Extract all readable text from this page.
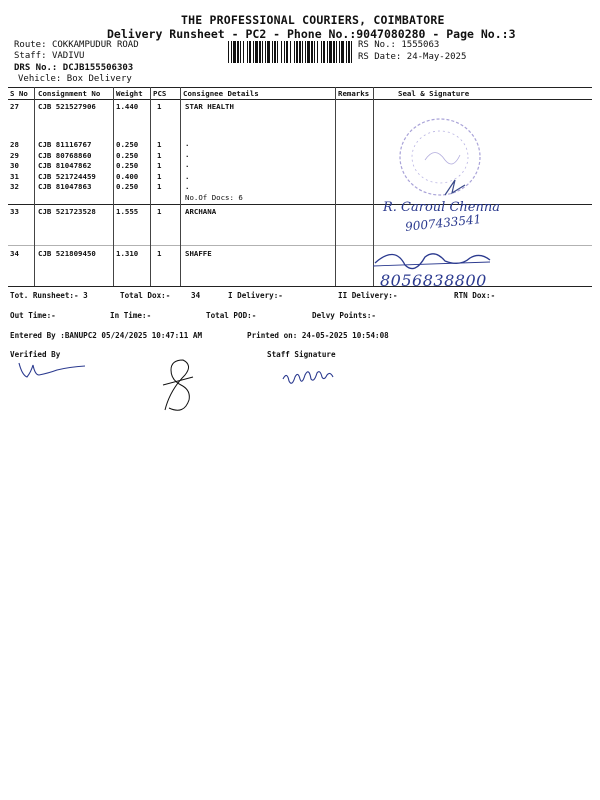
THE PROFESSIONAL COURIERS, COIMBATORE
Delivery Runsheet - PC2 - Phone No.:9047080280 - Page No.:3
Route: COKKAMPUDUR ROAD
Staff: VADIVU
DRS No.: DCJB155506303
Vehicle: Box Delivery
RS No.: 1555063
RS Date: 24-May-2025
S No Consignment No Weight PCS Consignee Details	Remarks	Seal & Signature
27	CJB 521527906	1.440	1	STAR HEALTH
28	CJB 81116767	0.250	1	.
29	CJB 80768860	0.250	1	.
30	CJB 81047862	0.250	1	.
31	CJB 521724459	0.400	1	.
32	CJB 81047863	0.250	1	.
No.Of Docs: 6
33	CJB 521723528	1.555	1	ARCHANA
34	CJB 521809450	1.310	1	SHAFFE
R. Caroul Chenna
9007433541
8056838800
Tot. Runsheet:- 3	Total Dox:-	34	I Delivery:-	II Delivery:-	RTN Dox:-
Out Time:-	In Time:-	Total POD:-	Delvy Points:-
Entered By :BANUPC2 05/24/2025 10:47:11 AM	Printed on: 24-05-2025 10:54:08
Verified By	Staff Signature
